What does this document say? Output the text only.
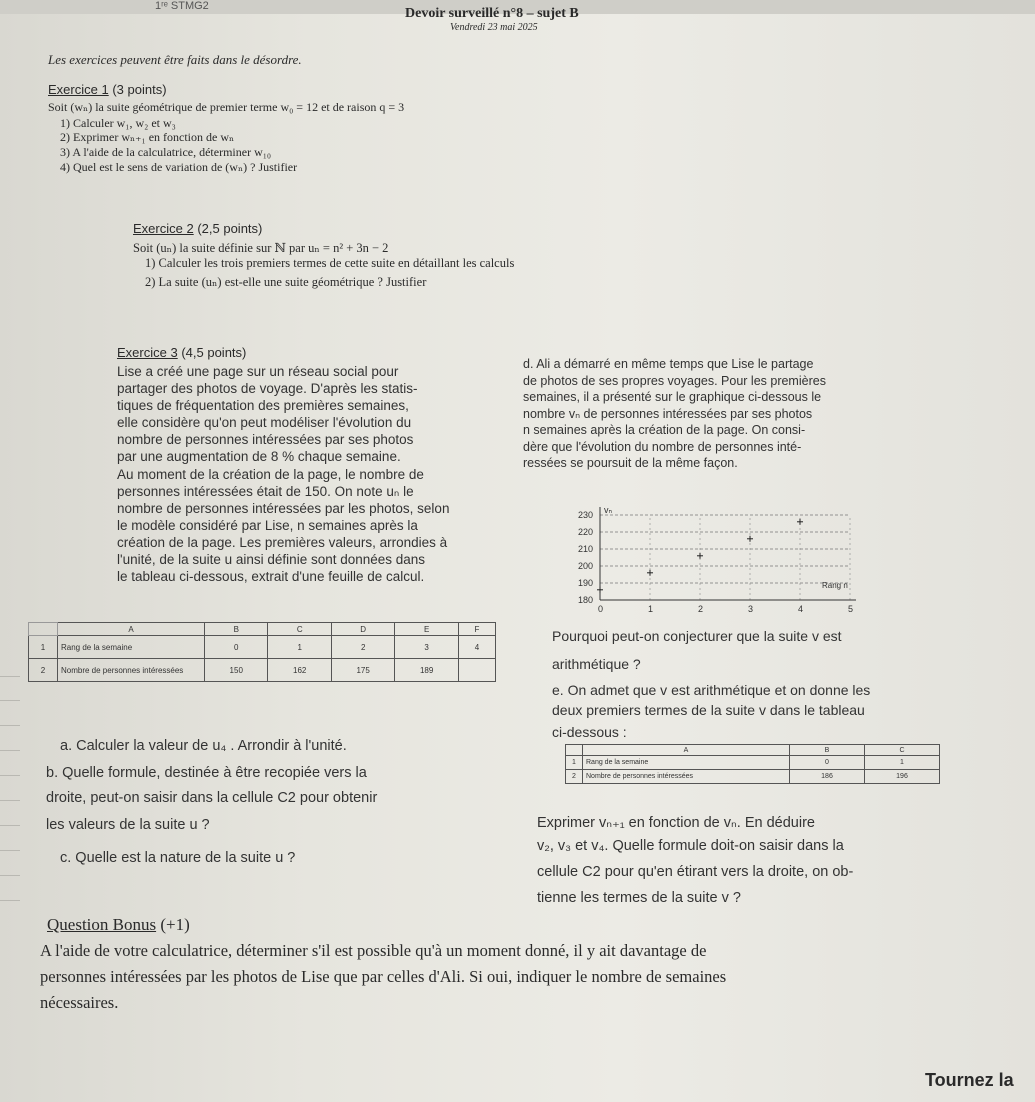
1ʳᵉ STMG2	Devoir surveillé n°8 – sujet B
Vendredi 23 mai 2025
Les exercices peuvent être faits dans le désordre.
Exercice 1 (3 points)
Soit (wₙ) la suite géométrique de premier terme w₀ = 12 et de raison q = 3
1) Calculer w₁, w₂ et w₃
2) Exprimer wₙ₊₁ en fonction de wₙ
3) A l'aide de la calculatrice, déterminer w₁₀
4) Quel est le sens de variation de (wₙ) ? Justifier
Exercice 2 (2,5 points)
Soit (uₙ) la suite définie sur ℕ par uₙ = n² + 3n − 2
1) Calculer les trois premiers termes de cette suite en détaillant les calculs
2) La suite (uₙ) est-elle une suite géométrique ? Justifier
Exercice 3 (4,5 points)
Lise a créé une page sur un réseau social pour
partager des photos de voyage. D'après les statis-
tiques de fréquentation des premières semaines,
elle considère qu'on peut modéliser l'évolution du
nombre de personnes intéressées par ses photos
par une augmentation de 8 % chaque semaine.
Au moment de la création de la page, le nombre de
personnes intéressées était de 150. On note uₙ le
nombre de personnes intéressées par les photos, selon
le modèle considéré par Lise, n semaines après la
création de la page. Les premières valeurs, arrondies à
l'unité, de la suite u ainsi définie sont données dans
le tableau ci-dessous, extrait d'une feuille de calcul.
d. Ali a démarré en même temps que Lise le partage
de photos de ses propres voyages. Pour les premières
semaines, il a présenté sur le graphique ci-dessous le
nombre vₙ de personnes intéressées par ses photos
n semaines après la création de la page. On consi-
dère que l'évolution du nombre de personnes inté-
ressées se poursuit de la même façon.
180
190
200
210
220
230
0	1	2	3	4	5
vₙ
Rang n
	A	B	C	D	E	F
1	Rang de la semaine	0	1	2	3	4
2	Nombre de personnes intéressées	150	162	175	189	
Pourquoi peut-on conjecturer que la suite v est
arithmétique ?
e. On admet que v est arithmétique et on donne les
deux premiers termes de la suite v dans le tableau
ci-dessous :
	A	B	C
1	Rang de la semaine	0	1
2	Nombre de personnes intéressées	186	196
a. Calculer la valeur de u₄ . Arrondir à l'unité.
b. Quelle formule, destinée à être recopiée vers la
droite, peut-on saisir dans la cellule C2 pour obtenir
les valeurs de la suite u ?
c. Quelle est la nature de la suite u ?
Exprimer vₙ₊₁ en fonction de vₙ. En déduire
v₂, v₃ et v₄. Quelle formule doit-on saisir dans la
cellule C2 pour qu'en étirant vers la droite, on ob-
tienne les termes de la suite v ?
Question Bonus (+1)
A l'aide de votre calculatrice, déterminer s'il est possible qu'à un moment donné, il y ait davantage de
personnes intéressées par les photos de Lise que par celles d'Ali. Si oui, indiquer le nombre de semaines
nécessaires.
Tournez la
